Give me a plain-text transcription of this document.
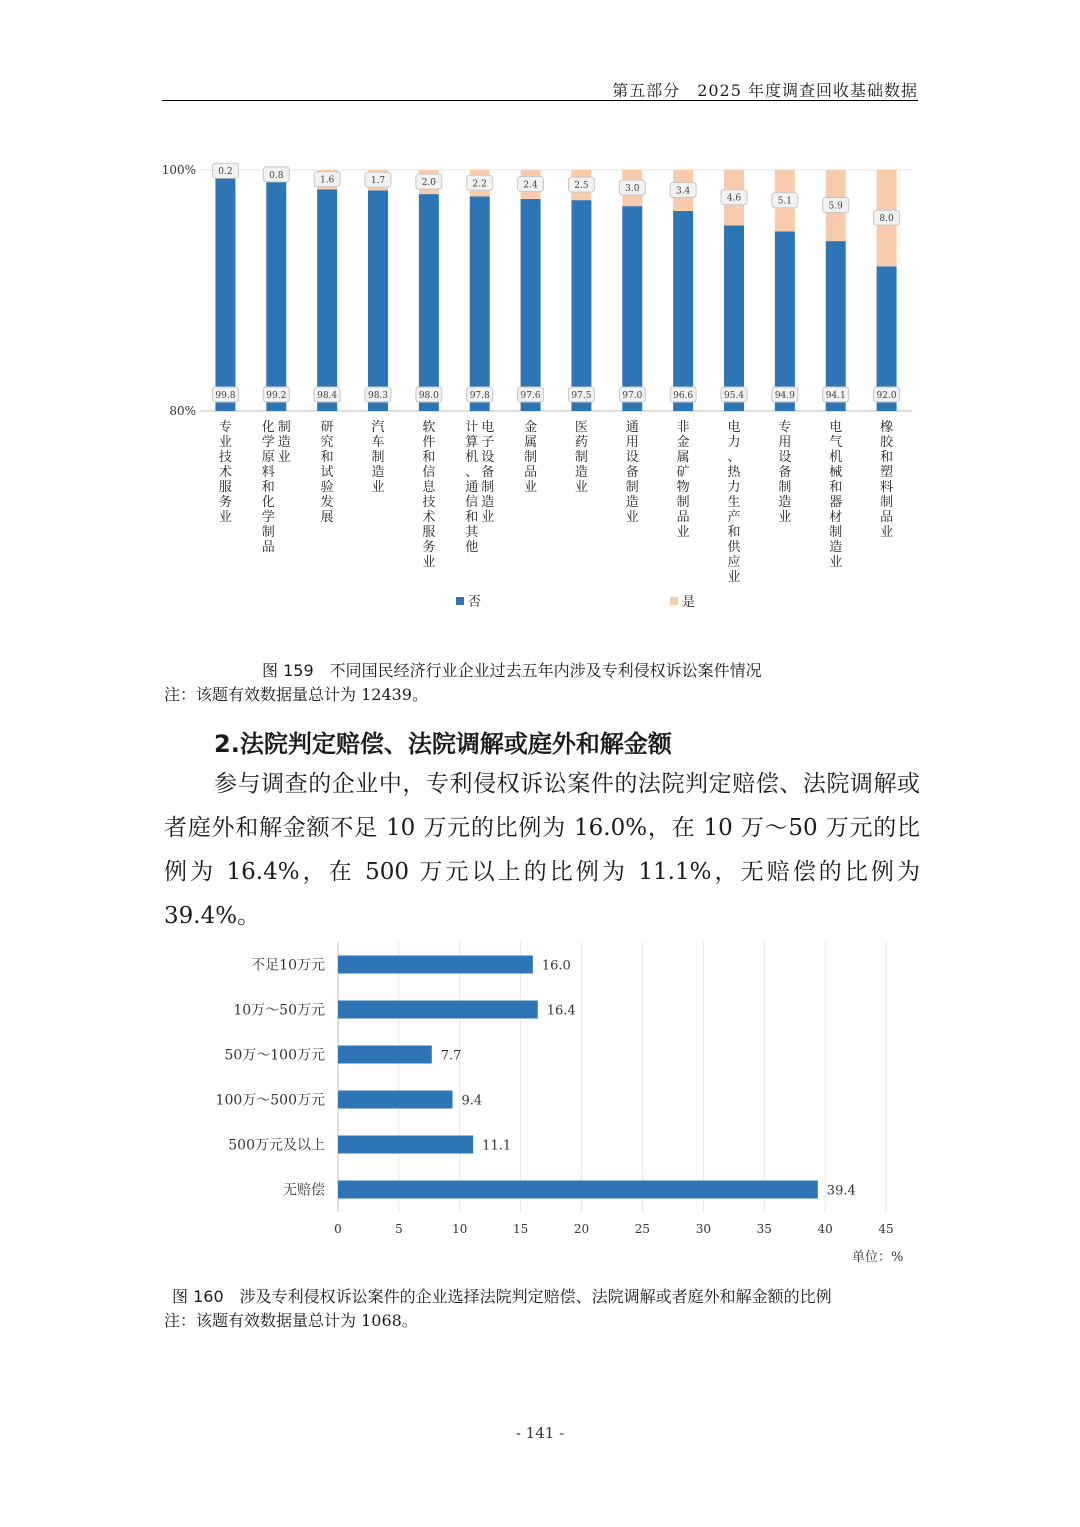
第五部分　2025 年度调查回收基础数据
100%
80%
99.8
0.2
99.2
0.8
98.4
1.6
98.3
1.7
98.0
2.0
97.8
2.2
97.6
2.4
97.5
2.5
97.0
3.0
96.6
3.4
95.4
4.6
94.9
5.1
94.1
5.9
92.0
8.0
专
业
技
术
服
务
业
化
学
原
料
和
化
学
制
品
制
造
业
研
究
和
试
验
发
展
汽
车
制
造
业
软
件
和
信
息
技
术
服
务
业
计
算
机
、
通
信
和
其
他
电
子
设
备
制
造
业
金
属
制
品
业
医
药
制
造
业
通
用
设
备
制
造
业
非
金
属
矿
物
制
品
业
电
力
、
热
力
生
产
和
供
应
业
专
用
设
备
制
造
业
电
气
机
械
和
器
材
制
造
业
橡
胶
和
塑
料
制
品
业
否	是
图 159　不同国民经济行业企业过去五年内涉及专利侵权诉讼案件情况
注：该题有效数据量总计为 12439。
2.法院判定赔偿、法院调解或庭外和解金额
参与调查的企业中，专利侵权诉讼案件的法院判定赔偿、法院调解或者庭外和解金额不足 10 万元的比例为 16.0%，在 10 万～50 万元的比例为 16.4%，在 500 万元以上的比例为 11.1%，无赔偿的比例为 39.4%。
0	5	10	15	20	25	30	35	40	45
不足10万元	16.0
10万～50万元	16.4
50万～100万元	7.7
100万～500万元	9.4
500万元及以上	11.1
无赔偿	39.4
单位：%
图 160　涉及专利侵权诉讼案件的企业选择法院判定赔偿、法院调解或者庭外和解金额的比例
注：该题有效数据量总计为 1068。
- 141 -
